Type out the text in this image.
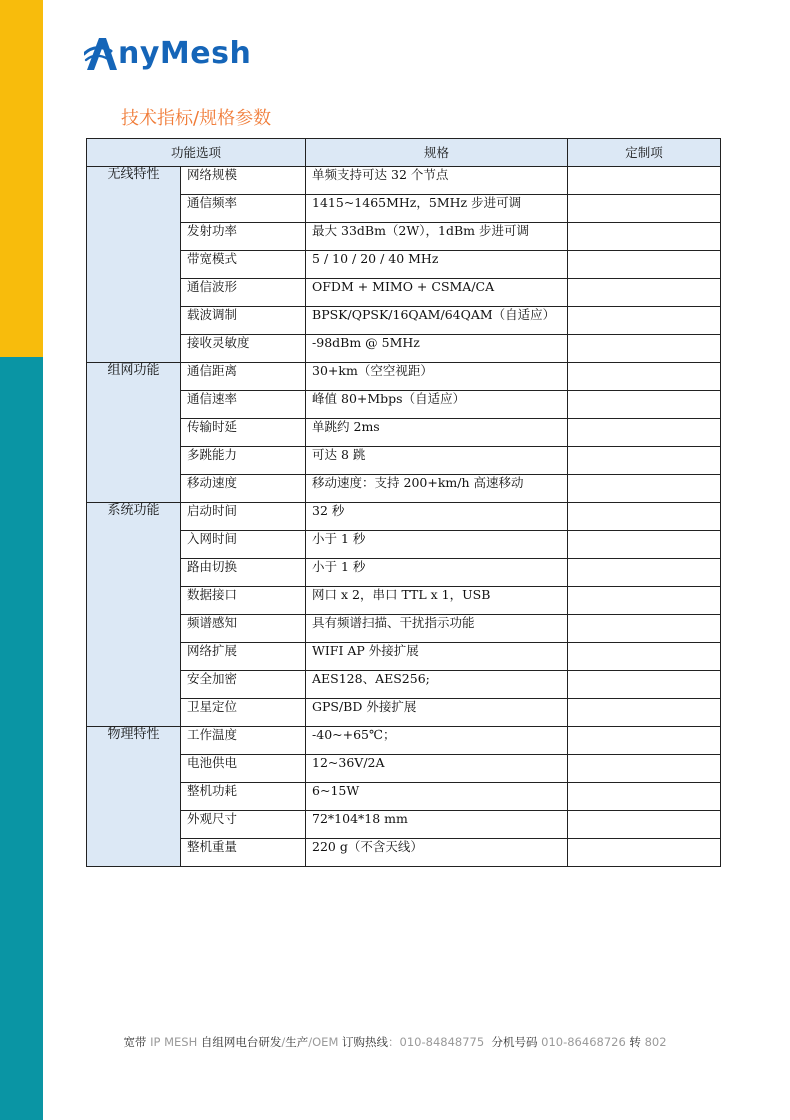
nyMesh
技术指标/规格参数
功能选项		规格	定制项
无线特性	网络规模	单频支持可达 32 个节点	
	通信频率	1415~1465MHz，5MHz 步进可调	
	发射功率	最大 33dBm（2W），1dBm 步进可调	
	带宽模式	5 / 10 / 20 / 40 MHz	
	通信波形	OFDM + MIMO + CSMA/CA	
	载波调制	BPSK/QPSK/16QAM/64QAM（自适应）	
	接收灵敏度	-98dBm @ 5MHz	
组网功能	通信距离	30+km（空空视距）	
	通信速率	峰值 80+Mbps（自适应）	
	传输时延	单跳约 2ms	
	多跳能力	可达 8 跳	
	移动速度	移动速度：支持 200+km/h 高速移动	
系统功能	启动时间	32 秒	
	入网时间	小于 1 秒	
	路由切换	小于 1 秒	
	数据接口	网口 x 2，串口 TTL x 1，USB	
	频谱感知	具有频谱扫描、干扰指示功能	
	网络扩展	WIFI AP 外接扩展	
	安全加密	AES128、AES256;	
	卫星定位	GPS/BD 外接扩展	
物理特性	工作温度	-40~+65℃；	
	电池供电	12~36V/2A	
	整机功耗	6~15W	
	外观尺寸	72*104*18 mm	
	整机重量	220 g（不含天线）	
宽带 IP MESH 自组网电台研发/生产/OEM 订购热线：010-84848775  分机号码 010-86468726 转 802
